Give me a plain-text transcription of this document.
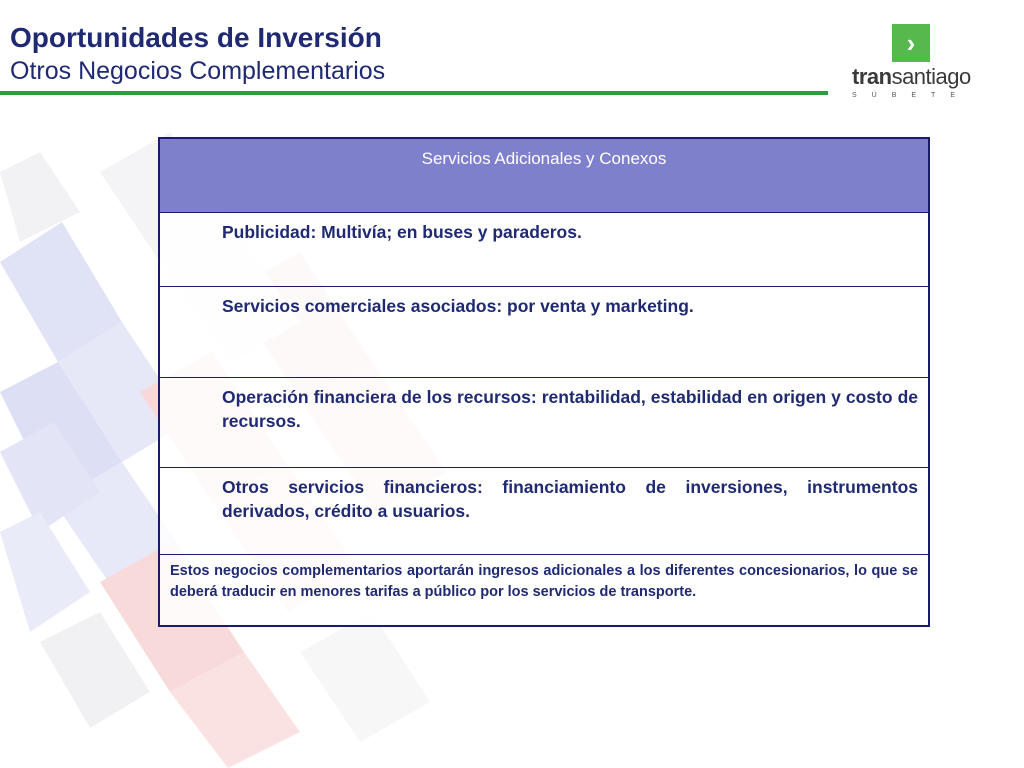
Oportunidades de Inversión
Otros Negocios Complementarios
›
transantiago
SÚBETE
Servicios Adicionales y Conexos
Publicidad: Multivía; en buses y paraderos.
Servicios comerciales asociados: por venta y marketing.
Operación financiera de los recursos: rentabilidad, estabilidad en origen y costo de recursos.
Otros servicios financieros: financiamiento de inversiones, instrumentos derivados, crédito a usuarios.
Estos negocios complementarios aportarán ingresos adicionales a los diferentes concesionarios, lo que se deberá traducir en menores tarifas a público por los servicios de transporte.
